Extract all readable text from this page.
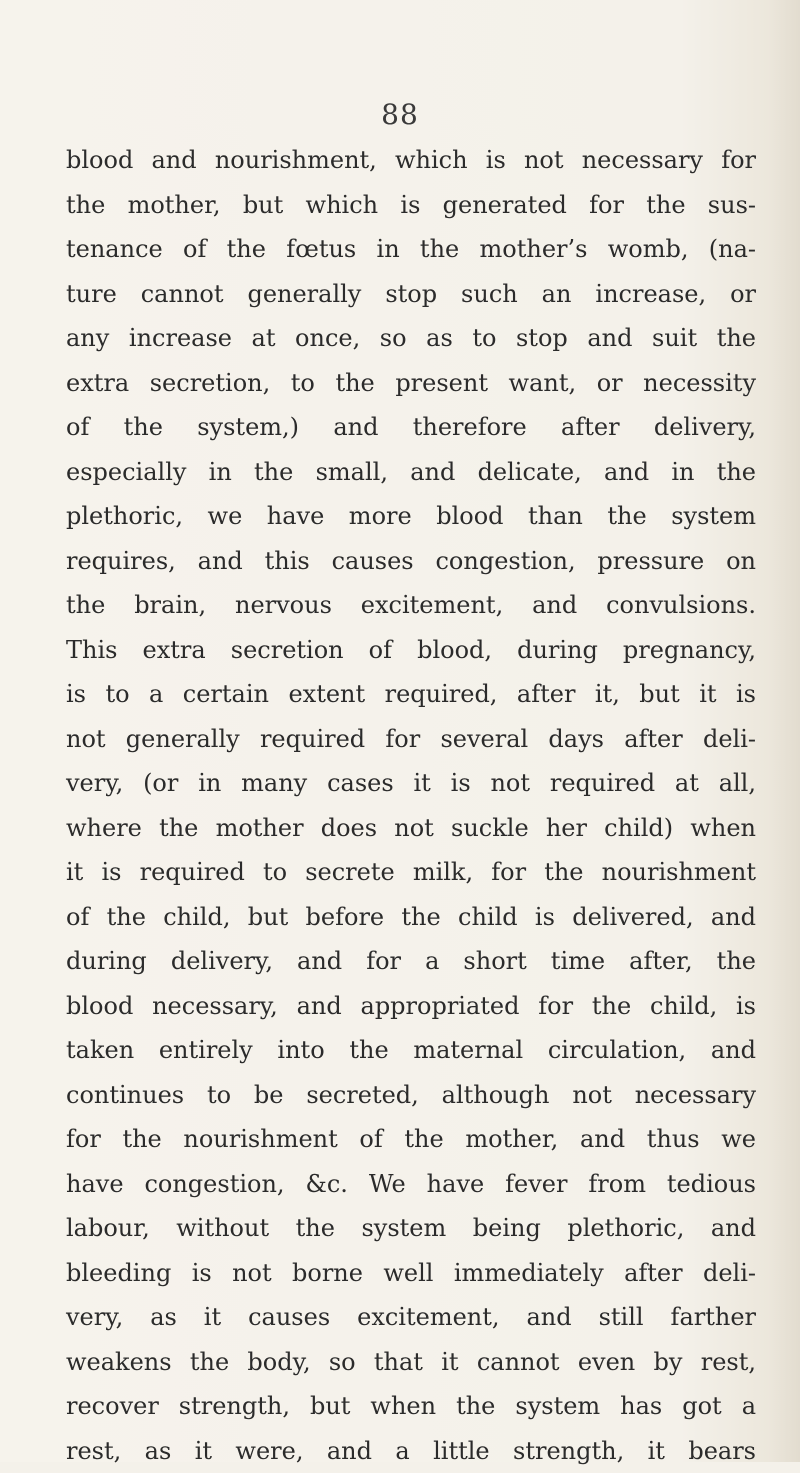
88
blood and nourishment, which is not necessary for
the mother, but which is generated for the sus-
tenance of the fœtus in the mother’s womb, (na-
ture cannot generally stop such an increase, or
any increase at once, so as to stop and suit the
extra secretion, to the present want, or necessity
of the system,) and therefore after delivery,
especially in the small, and delicate, and in the
plethoric, we have more blood than the system
requires, and this causes congestion, pressure on
the brain, nervous excitement, and convulsions.
This extra secretion of blood, during pregnancy,
is to a certain extent required, after it, but it is
not generally required for several days after deli-
very, (or in many cases it is not required at all,
where the mother does not suckle her child) when
it is required to secrete milk, for the nourishment
of the child, but before the child is delivered, and
during delivery, and for a short time after, the
blood necessary, and appropriated for the child, is
taken entirely into the maternal circulation, and
continues to be secreted, although not necessary
for the nourishment of the mother, and thus we
have congestion, &c. We have fever from tedious
labour, without the system being plethoric, and
bleeding is not borne well immediately after deli-
very, as it causes excitement, and still farther
weakens the body, so that it cannot even by rest,
recover strength, but when the system has got a
rest, as it were, and a little strength, it bears
